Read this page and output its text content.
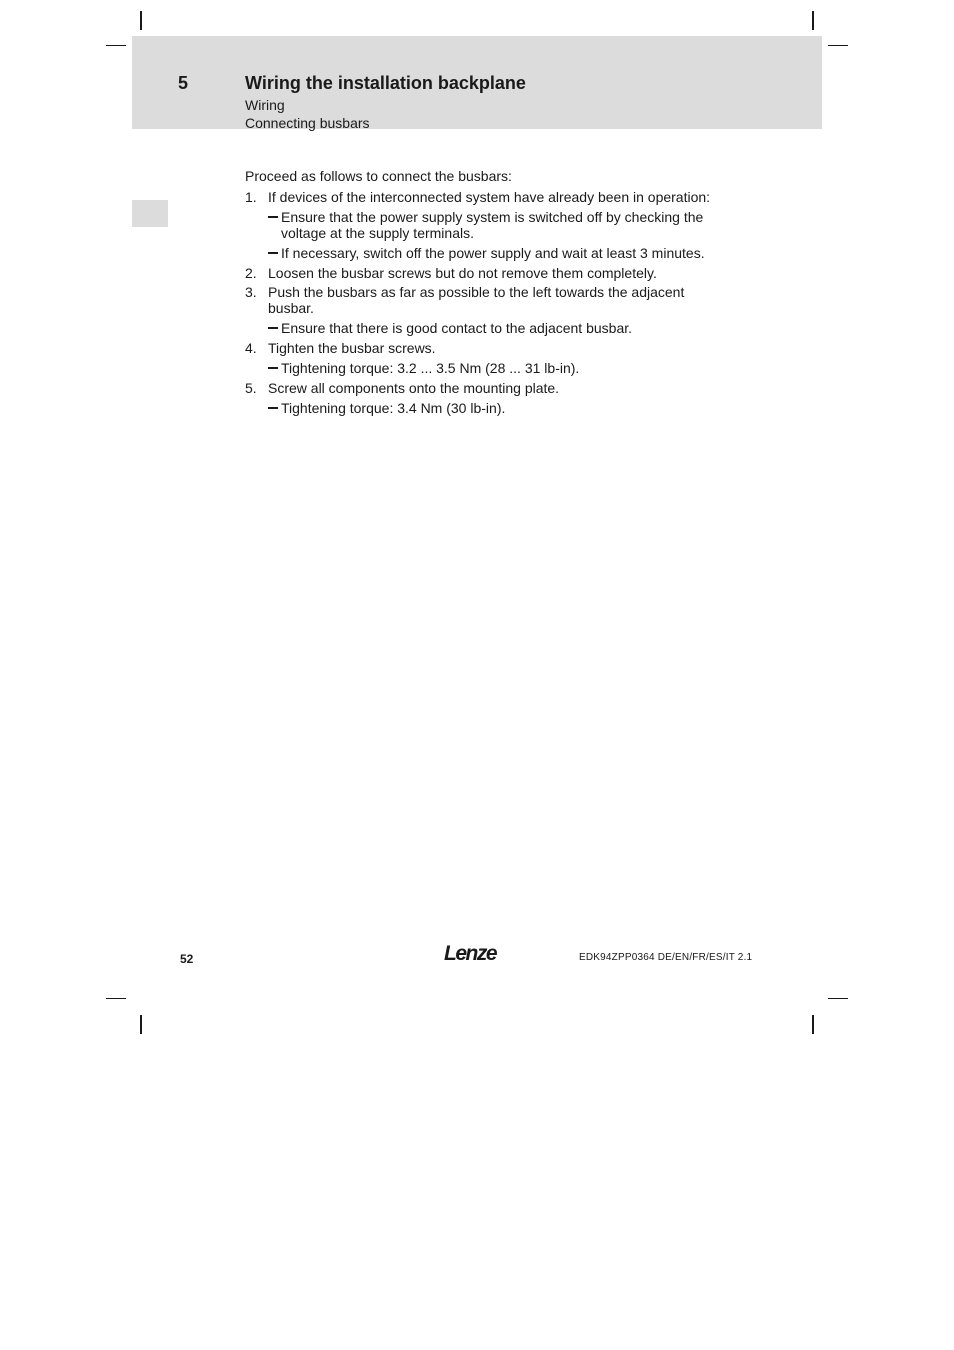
5	Wiring the installation backplane
Wiring
Connecting busbars

Proceed as follows to connect the busbars:

1. If devices of the interconnected system have already been in operation:
Ensure that the power supply system is switched off by checking the voltage at the supply terminals.
If necessary, switch off the power supply and wait at least 3 minutes.
2. Loosen the busbar screws but do not remove them completely.
3. Push the busbars as far as possible to the left towards the adjacent busbar.
Ensure that there is good contact to the adjacent busbar.
4. Tighten the busbar screws.
Tightening torque: 3.2 ... 3.5 Nm (28 ... 31 lb-in).
5. Screw all components onto the mounting plate.
Tightening torque: 3.4 Nm (30 lb-in).
52	Lenze	EDK94ZPP0364 DE/EN/FR/ES/IT 2.1
